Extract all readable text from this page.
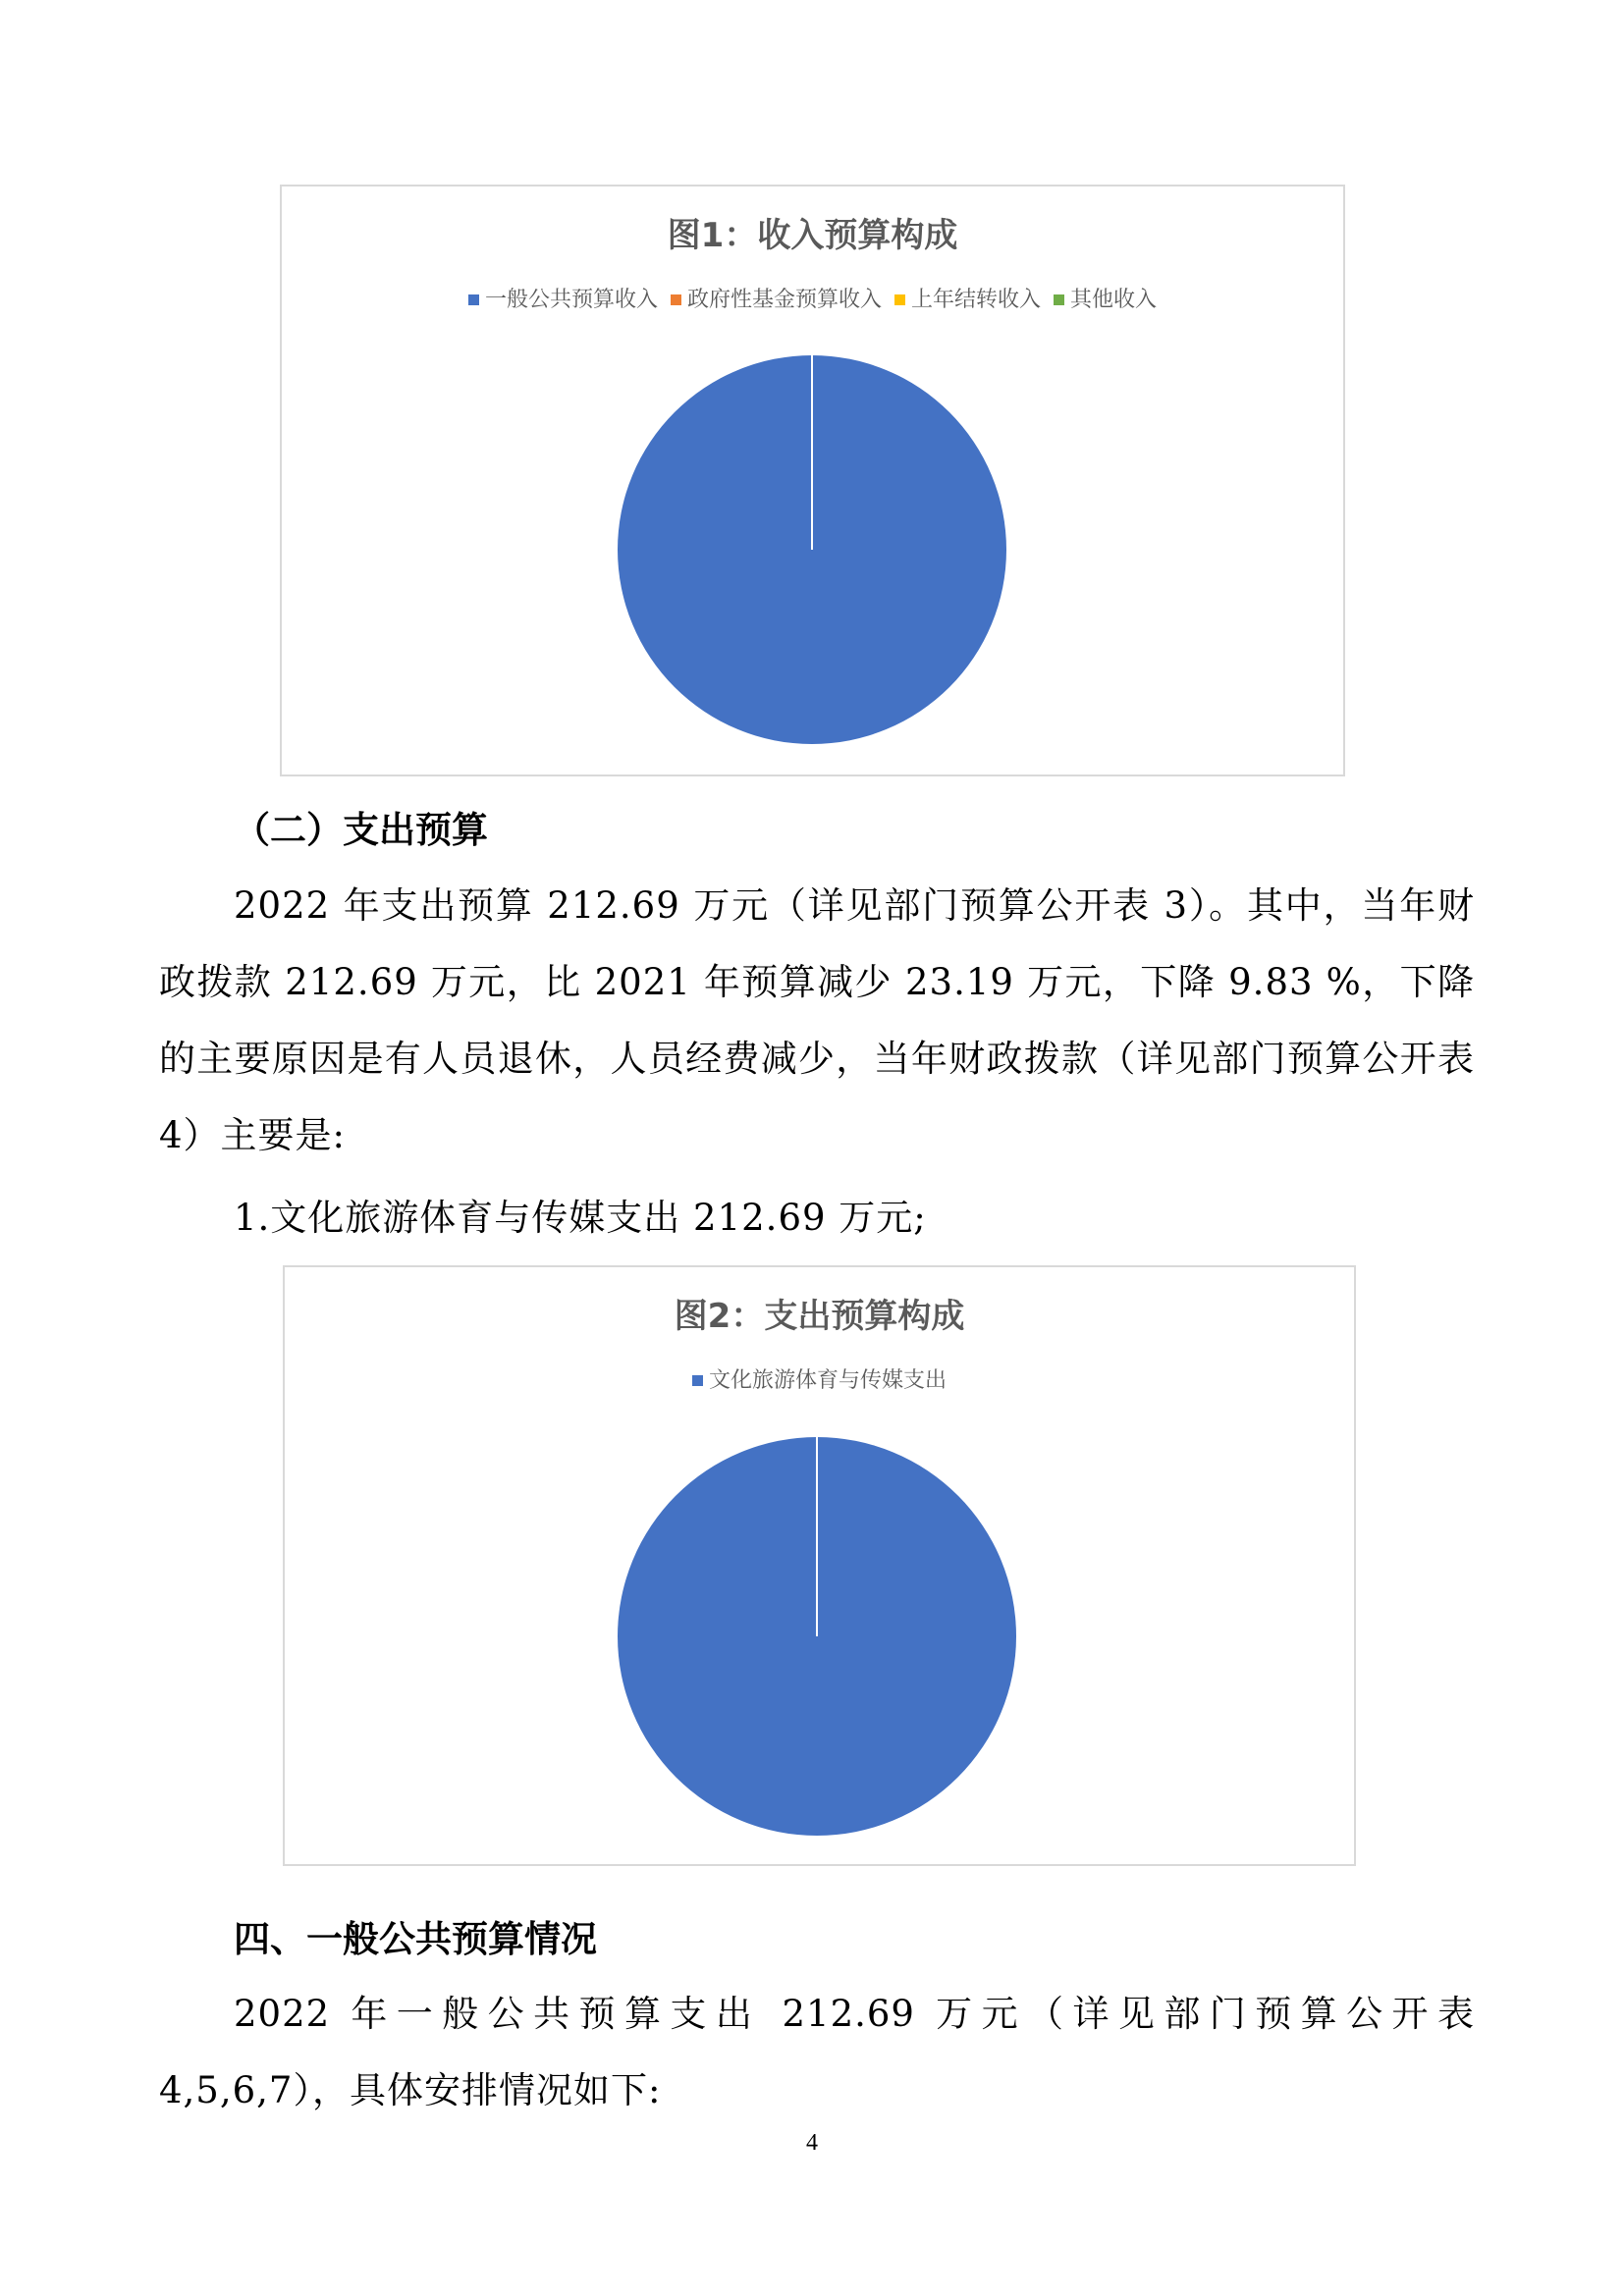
图1：收入预算构成
一般公共预算收入 政府性基金预算收入 上年结转收入 其他收入
（二）支出预算
2022 年支出预算 212.69 万元（详见部门预算公开表 3）。其中，当年财政拨款 212.69 万元，比 2021 年预算减少 23.19 万元，下降 9.83 %，下降的主要原因是有人员退休，人员经费减少，当年财政拨款（详见部门预算公开表 4）主要是:
1.文化旅游体育与传媒支出 212.69 万元;
图2：支出预算构成
文化旅游体育与传媒支出
四、一般公共预算情况
2022 年一般公共预算支出 212.69 万元（详见部门预算公开表 4,5,6,7），具体安排情况如下:
4
